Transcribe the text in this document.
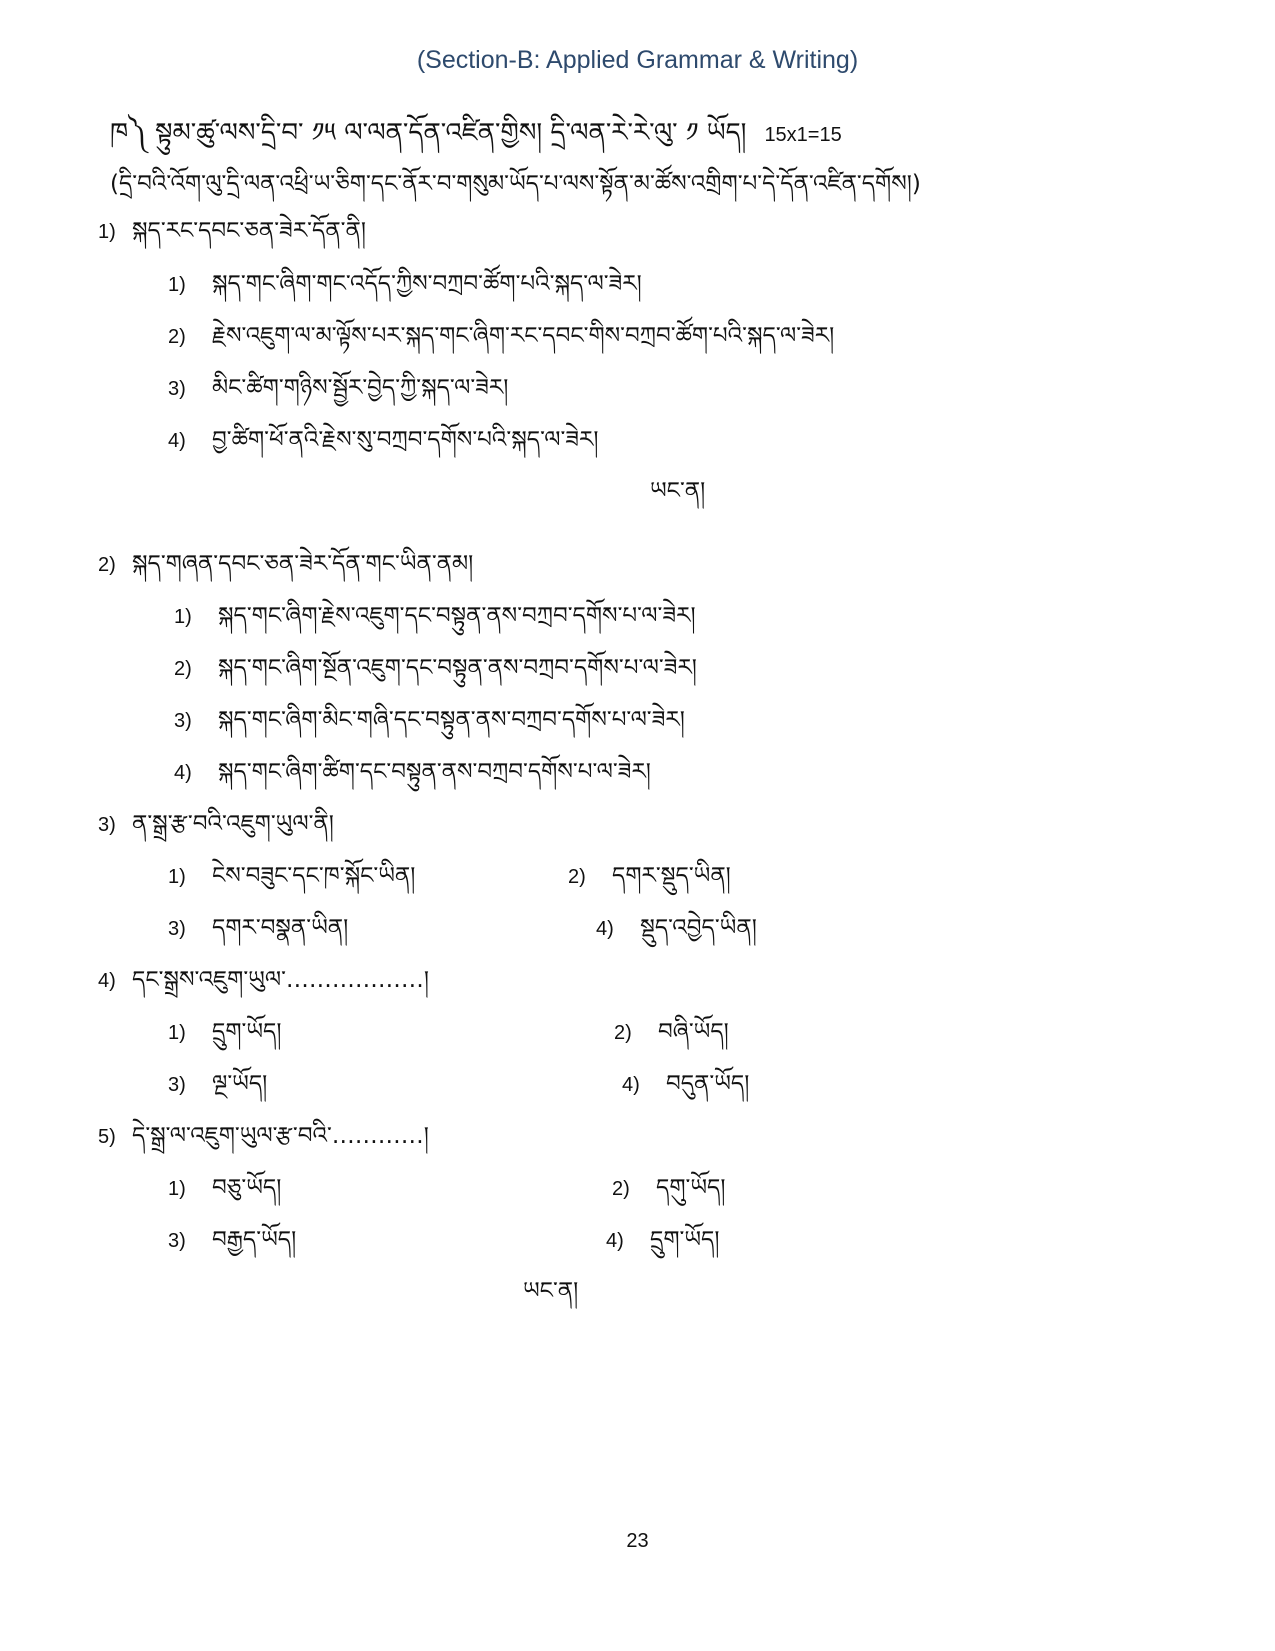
(Section-B: Applied Grammar & Writing)
ཁ༽ སྟུམ་ཚུ་ལས་དྲི་བ་ ༡༥ ལ་ལན་དོན་འཛིན་གྱིས། དྲི་ལན་རེ་རེ་ལུ་ ༡ ཡོད། 15x1=15
(དྲི་བའི་འོག་ལུ་དྲི་ལན་འཕྲི་ཡ་ཅིག་དང་ནོར་བ་གསུམ་ཡོད་པ་ལས་སྟོན་མ་ཚོས་འགྲིག་པ་དེ་དོན་འཛིན་དགོས།)
1) སྐད་རང་དབང་ཅན་ཟེར་དོན་ནི།
1) སྐད་གང་ཞིག་གང་འདོད་ཀྱིས་བཀྲབ་ཚོག་པའི་སྐད་ལ་ཟེར།
2) རྗེས་འཇུག་ལ་མ་ལྟོས་པར་སྐད་གང་ཞིག་རང་དབང་གིས་བཀྲབ་ཚོག་པའི་སྐད་ལ་ཟེར།
3) མིང་ཚིག་གཉིས་སྦྱོར་བྱེད་ཀྱི་སྐད་ལ་ཟེར།
4) བྱ་ཚིག་ཕོ་ནའི་རྗེས་སུ་བཀྲབ་དགོས་པའི་སྐད་ལ་ཟེར།
ཡང་ན།
2) སྐད་གཞན་དབང་ཅན་ཟེར་དོན་གང་ཡིན་ནམ།
1) སྐད་གང་ཞིག་རྗེས་འཇུག་དང་བསྟུན་ནས་བཀྲབ་དགོས་པ་ལ་ཟེར།
2) སྐད་གང་ཞིག་སྔོན་འཇུག་དང་བསྟུན་ནས་བཀྲབ་དགོས་པ་ལ་ཟེར།
3) སྐད་གང་ཞིག་མིང་གཞི་དང་བསྟུན་ནས་བཀྲབ་དགོས་པ་ལ་ཟེར།
4) སྐད་གང་ཞིག་ཚིག་དང་བསྟུན་ནས་བཀྲབ་དགོས་པ་ལ་ཟེར།
3) ན་སྒྲ་རྩ་བའི་འཇུག་ཡུལ་ནི།
1) ངེས་བཟུང་དང་ཁ་སྐོང་ཡིན།	2) དགར་སྡུད་ཡིན།
3) དགར་བསྣན་ཡིན།	4) སྡུད་འབྱེད་ཡིན།
4) དང་སྒྲས་འཇུག་ཡུལ་………………།
1) དྲུག་ཡོད།	2) བཞི་ཡོད།
3) ལྔ་ཡོད།	4) བདུན་ཡོད།
5) དེ་སྒྲ་ལ་འཇུག་ཡུལ་རྩ་བའི་…………།
1) བཅུ་ཡོད།	2) དགུ་ཡོད།
3) བརྒྱད་ཡོད།	4) དྲུག་ཡོད།
ཡང་ན།
23
